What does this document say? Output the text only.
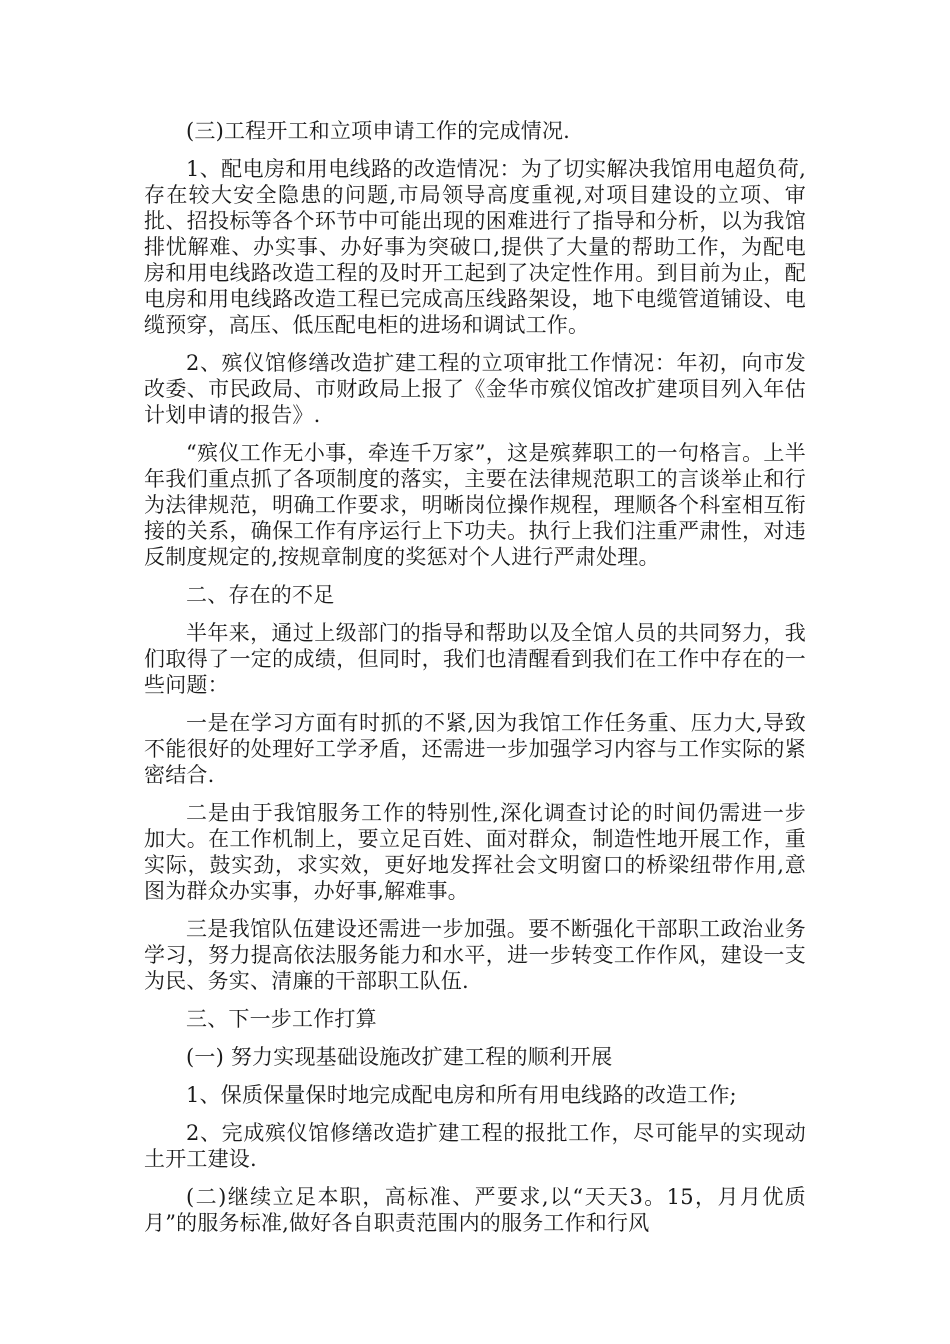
(三)工程开工和立项申请工作的完成情况.

1、配电房和用电线路的改造情况：为了切实解决我馆用电超负荷,存在较大安全隐患的问题,市局领导高度重视,对项目建设的立项、审批、招投标等各个环节中可能出现的困难进行了指导和分析，以为我馆排忧解难、办实事、办好事为突破口,提供了大量的帮助工作，为配电房和用电线路改造工程的及时开工起到了决定性作用。到目前为止，配电房和用电线路改造工程已完成高压线路架设，地下电缆管道铺设、电缆预穿，高压、低压配电柜的进场和调试工作。

2、殡仪馆修缮改造扩建工程的立项审批工作情况：年初，向市发改委、市民政局、市财政局上报了《金华市殡仪馆改扩建项目列入年估计划申请的报告》.

“殡仪工作无小事，牵连千万家”，这是殡葬职工的一句格言。上半年我们重点抓了各项制度的落实，主要在法律规范职工的言谈举止和行为法律规范，明确工作要求，明晰岗位操作规程，理顺各个科室相互衔接的关系，确保工作有序运行上下功夫。执行上我们注重严肃性，对违反制度规定的,按规章制度的奖惩对个人进行严肃处理。

二、存在的不足

半年来，通过上级部门的指导和帮助以及全馆人员的共同努力，我们取得了一定的成绩，但同时，我们也清醒看到我们在工作中存在的一些问题：

一是在学习方面有时抓的不紧,因为我馆工作任务重、压力大,导致不能很好的处理好工学矛盾，还需进一步加强学习内容与工作实际的紧密结合.

二是由于我馆服务工作的特别性,深化调查讨论的时间仍需进一步加大。在工作机制上，要立足百姓、面对群众，制造性地开展工作，重实际，鼓实劲，求实效，更好地发挥社会文明窗口的桥梁纽带作用,意图为群众办实事，办好事,解难事。

三是我馆队伍建设还需进一步加强。要不断强化干部职工政治业务学习，努力提高依法服务能力和水平，进一步转变工作作风，建设一支为民、务实、清廉的干部职工队伍.

三、下一步工作打算

(一) 努力实现基础设施改扩建工程的顺利开展

1、保质保量保时地完成配电房和所有用电线路的改造工作;

2、完成殡仪馆修缮改造扩建工程的报批工作，尽可能早的实现动土开工建设.

(二)继续立足本职，高标准、严要求,以“天天3。15，月月优质月”的服务标准,做好各自职责范围内的服务工作和行风
